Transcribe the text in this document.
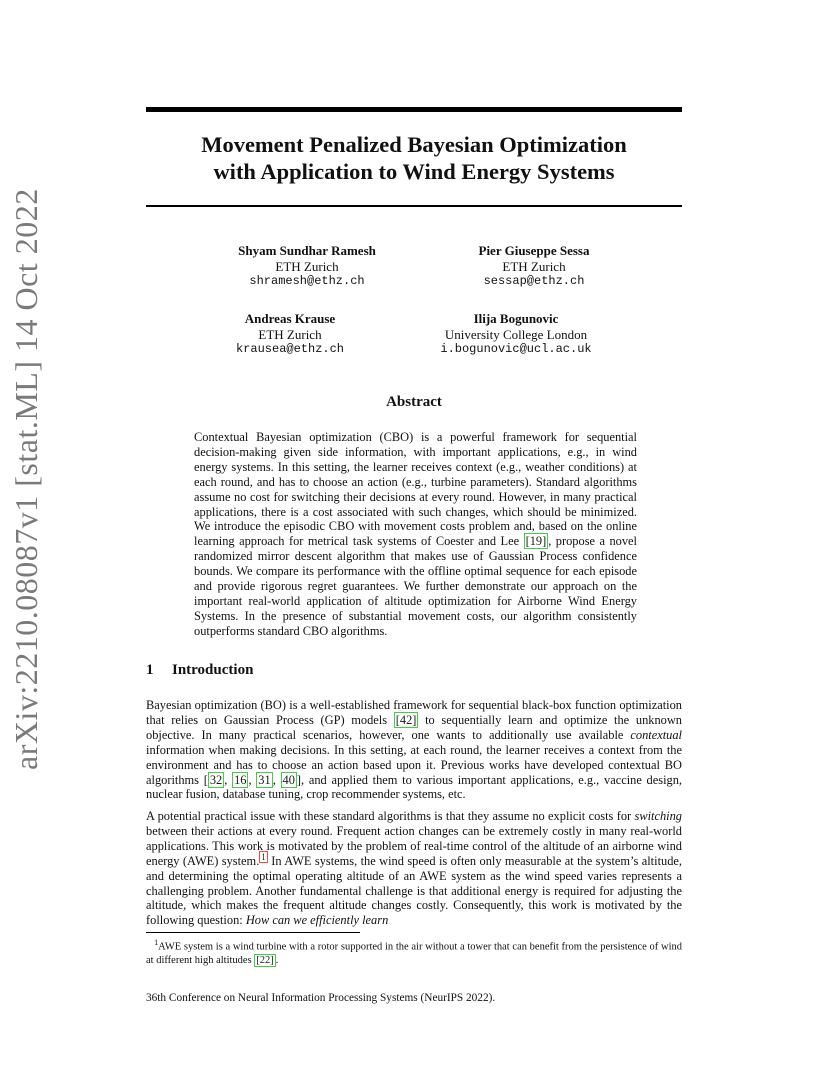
arXiv:2210.08087v1 [stat.ML] 14 Oct 2022
Movement Penalized Bayesian Optimization
with Application to Wind Energy Systems
Shyam Sundhar Ramesh
ETH Zurich
shramesh@ethz.ch
Pier Giuseppe Sessa
ETH Zurich
sessap@ethz.ch
Andreas Krause
ETH Zurich
krausea@ethz.ch
Ilija Bogunovic
University College London
i.bogunovic@ucl.ac.uk
Abstract

Contextual Bayesian optimization (CBO) is a powerful framework for sequential decision-making given side information, with important applications, e.g., in wind energy systems. In this setting, the learner receives context (e.g., weather conditions) at each round, and has to choose an action (e.g., turbine parameters). Standard algorithms assume no cost for switching their decisions at every round. However, in many practical applications, there is a cost associated with such changes, which should be minimized. We introduce the episodic CBO with movement costs problem and, based on the online learning approach for metrical task systems of Coester and Lee [19] , propose a novel randomized mirror descent algorithm that makes use of Gaussian Process confidence bounds. We compare its performance with the offline optimal sequence for each episode and provide rigorous regret guarantees. We further demonstrate our approach on the important real-world application of altitude optimization for Airborne Wind Energy Systems. In the presence of substantial movement costs, our algorithm consistently outperforms standard CBO algorithms.

1 Introduction

Bayesian optimization (BO) is a well-established framework for sequential black-box function optimization that relies on Gaussian Process (GP) models [42] to sequentially learn and optimize the unknown objective. In many practical scenarios, however, one wants to additionally use available contextual information when making decisions. In this setting, at each round, the learner receives a context from the environment and has to choose an action based upon it. Previous works have developed contextual BO algorithms [ 32 , 16 , 31 , 40 ], and applied them to various important applications, e.g., vaccine design, nuclear fusion, database tuning, crop recommender systems, etc.

A potential practical issue with these standard algorithms is that they assume no explicit costs for switching between their actions at every round. Frequent action changes can be extremely costly in many real-world applications. This work is motivated by the problem of real-time control of the altitude of an airborne wind energy (AWE) system. $^1$ In AWE systems, the wind speed is often only measurable at the system’s altitude, and determining the optimal operating altitude of an AWE system as the wind speed varies represents a challenging problem. Another fundamental challenge is that additional energy is required for adjusting the altitude, which makes the frequent altitude changes costly. Consequently, this work is motivated by the following question: How can we efficiently learn

$^1$AWE system is a wind turbine with a rotor supported in the air without a tower that can benefit from the persistence of wind at different high altitudes [22] .
36th Conference on Neural Information Processing Systems (NeurIPS 2022).
